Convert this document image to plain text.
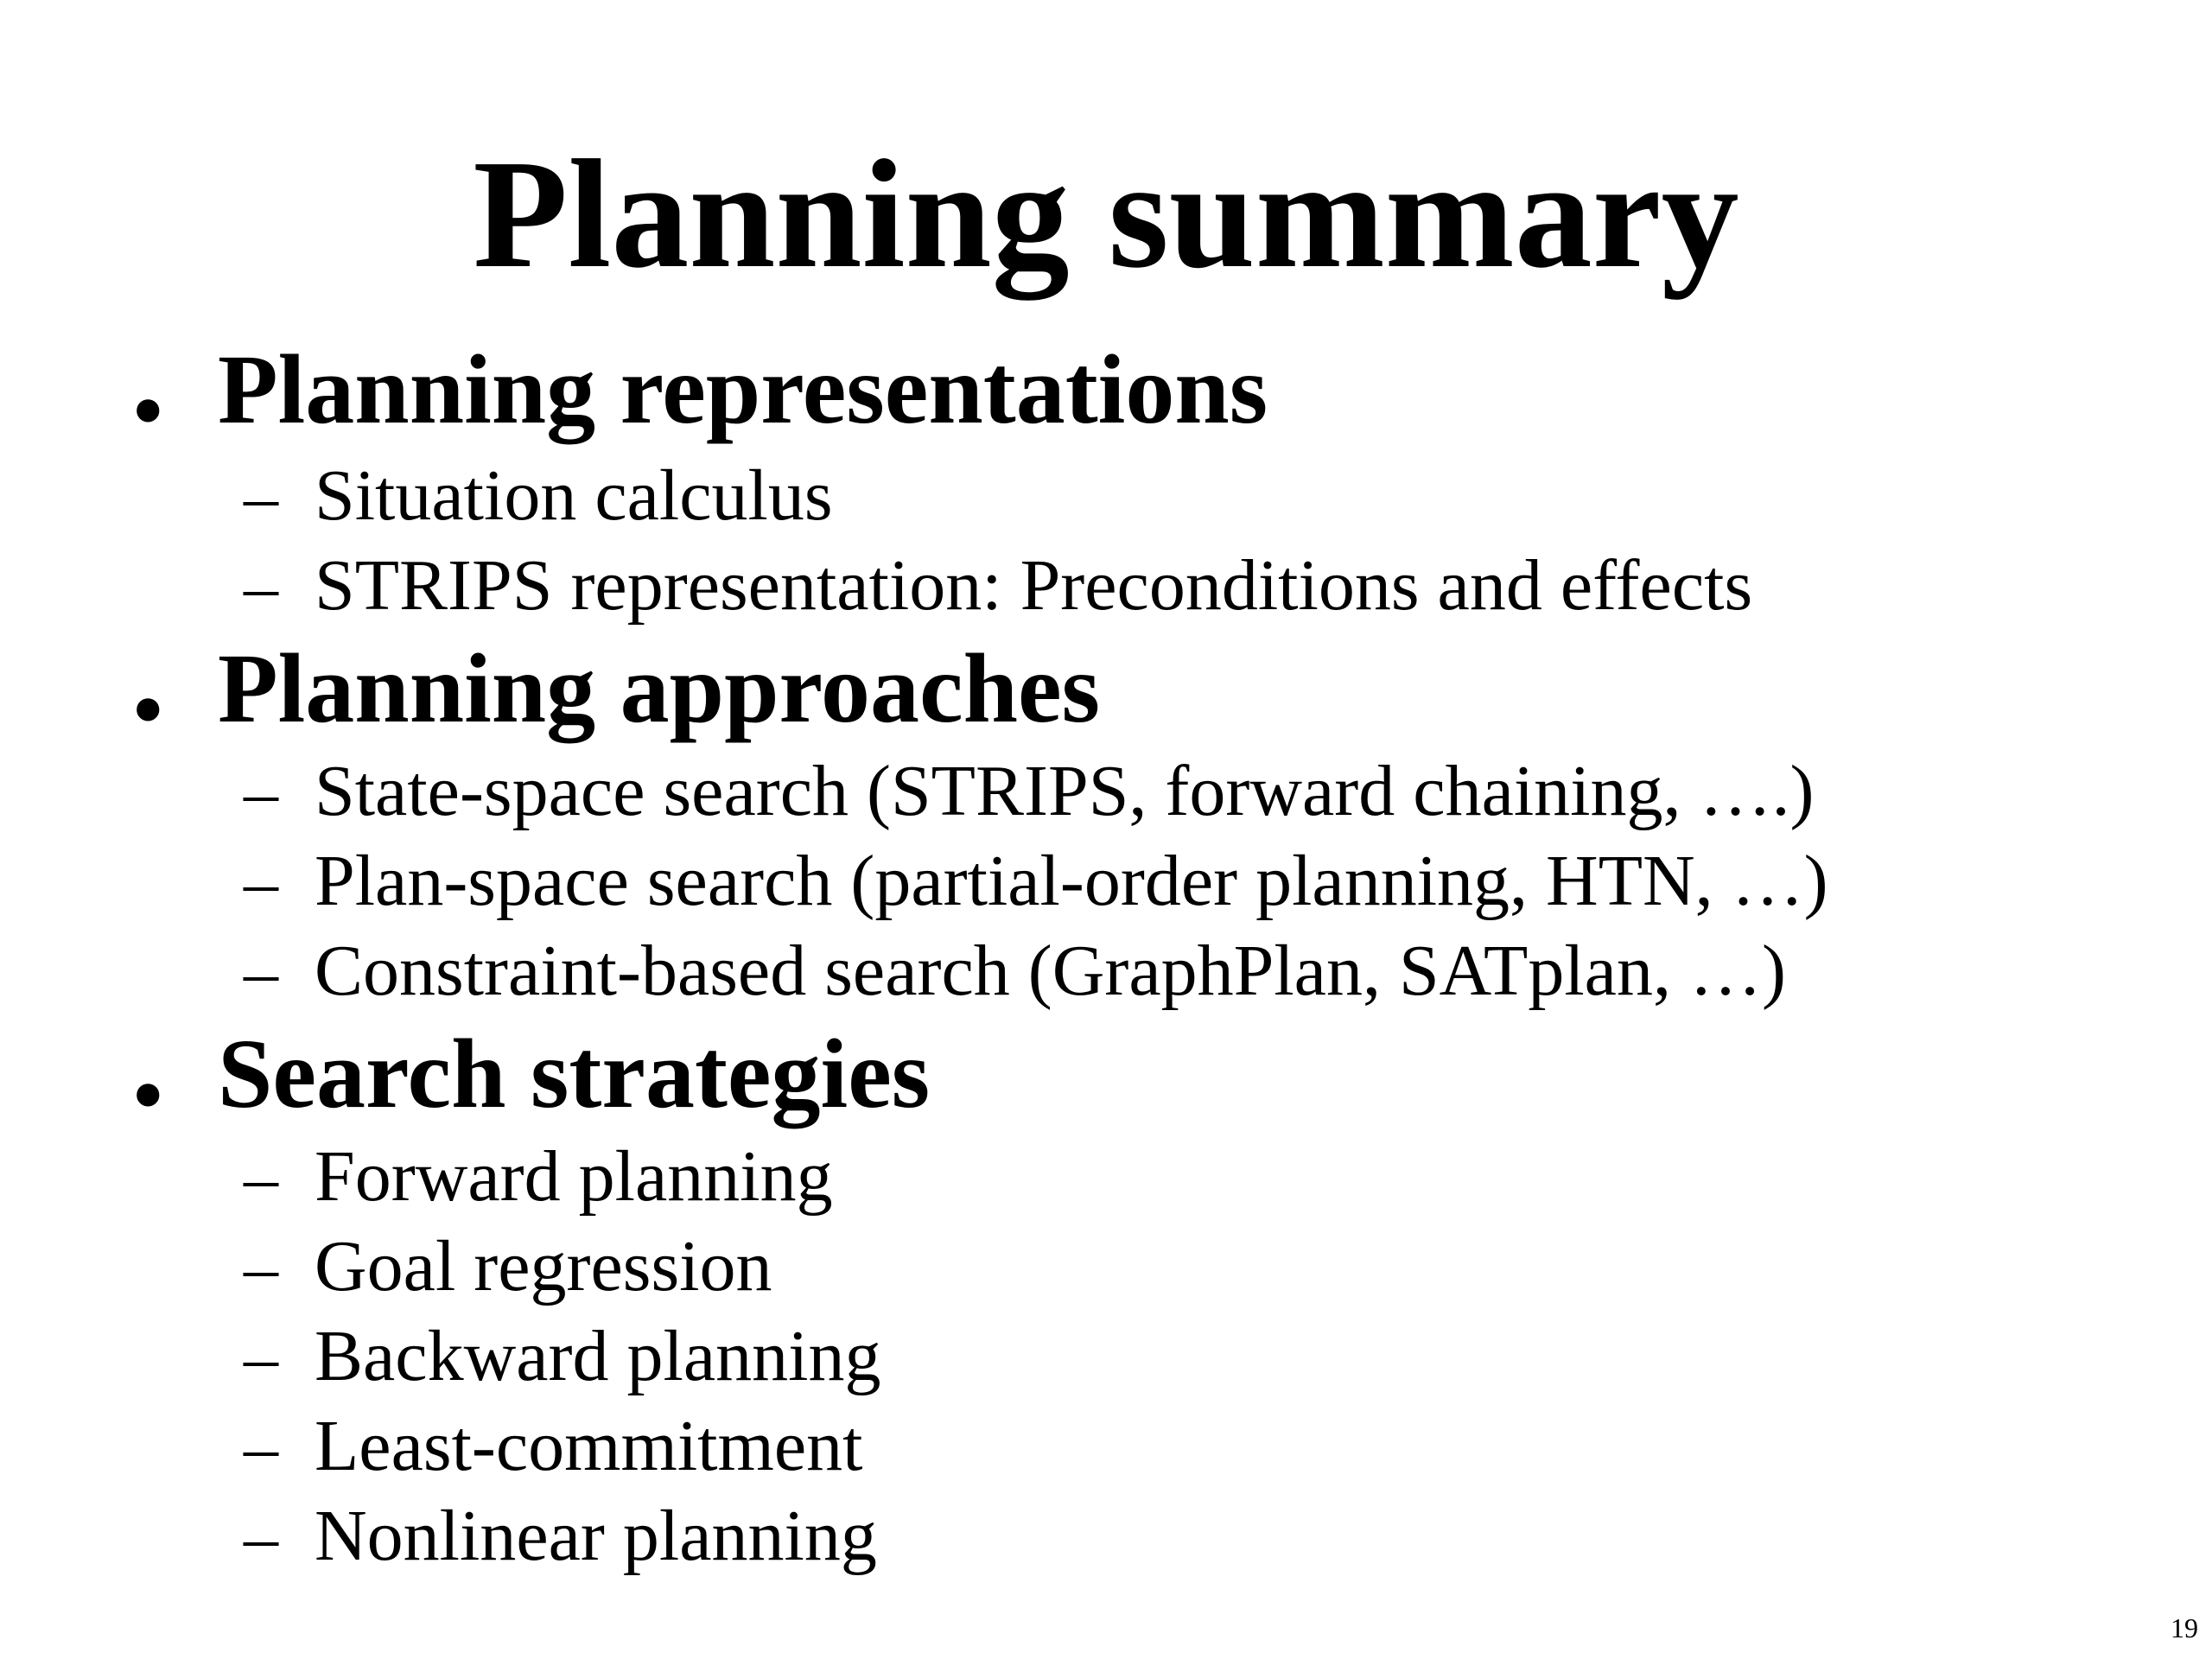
Planning summary
• Planning representations
– Situation calculus
– STRIPS representation: Preconditions and effects
• Planning approaches
– State-space search (STRIPS, forward chaining, ….)
– Plan-space search (partial-order planning, HTN, …)
– Constraint-based search (GraphPlan, SATplan, …)
• Search strategies
– Forward planning
– Goal regression
– Backward planning
– Least-commitment
– Nonlinear planning
19
